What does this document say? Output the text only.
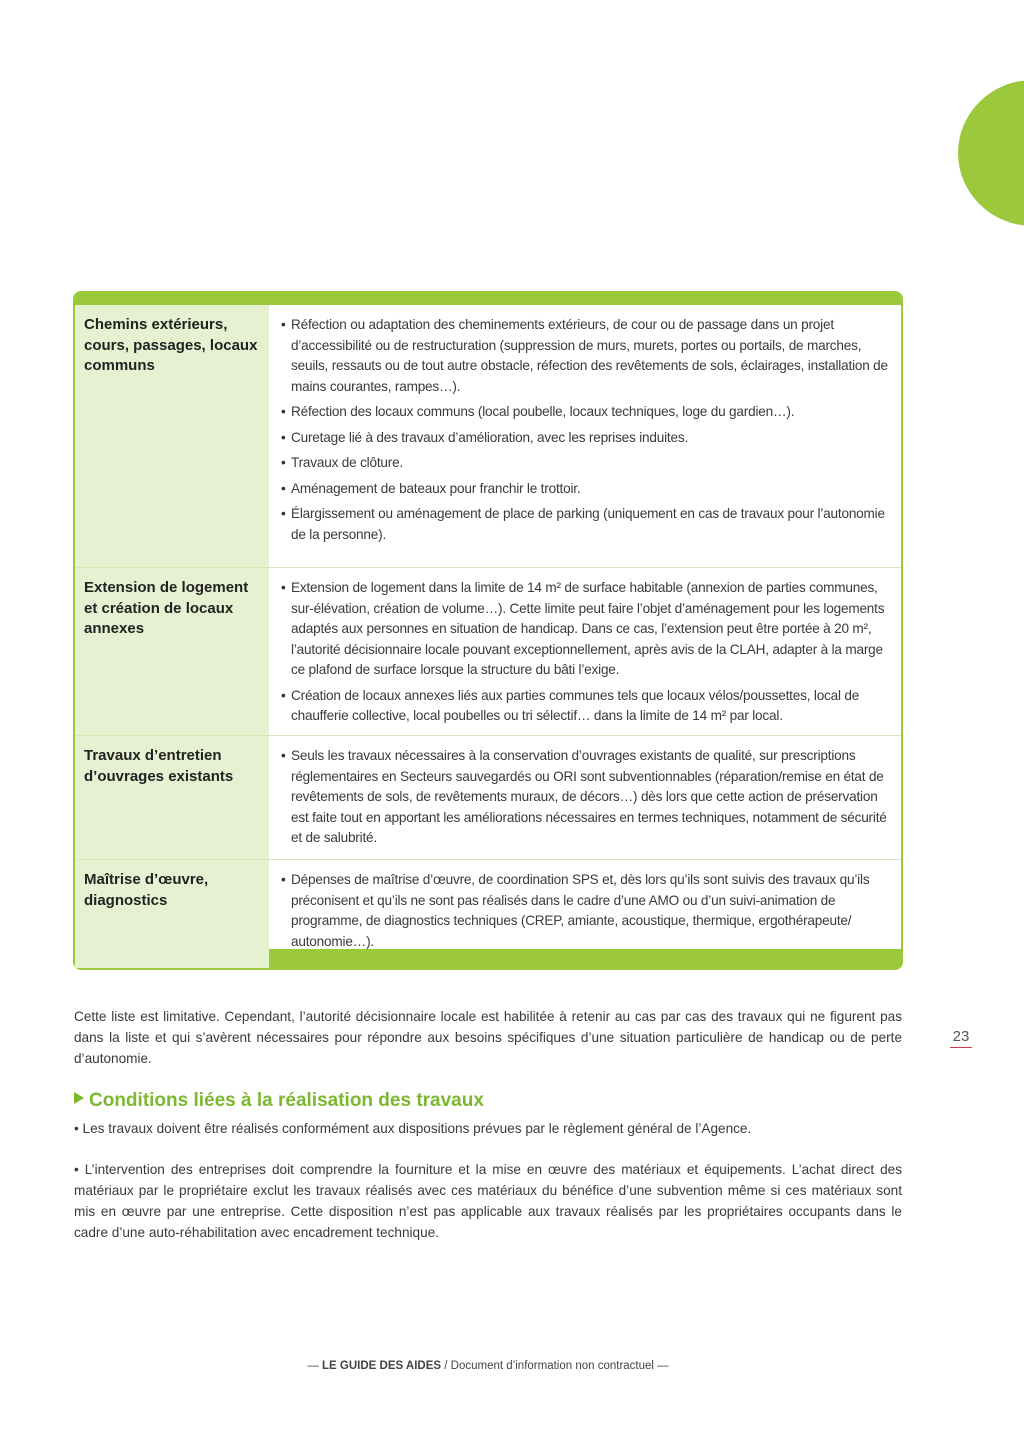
Chemins extérieurs, cours, passages, locaux communs
• Réfection ou adaptation des cheminements extérieurs, de cour ou de passage dans un projet d’accessibilité ou de restructuration (suppression de murs, murets, portes ou portails, de marches, seuils, ressauts ou de tout autre obstacle, réfection des revêtements de sols, éclairages, installation de mains courantes, rampes…).
• Réfection des locaux communs (local poubelle, locaux techniques, loge du gardien…).
• Curetage lié à des travaux d’amélioration, avec les reprises induites.
• Travaux de clôture.
• Aménagement de bateaux pour franchir le trottoir.
• Élargissement ou aménagement de place de parking (uniquement en cas de travaux pour l’autonomie de la personne).
Extension de logement et création de locaux annexes
• Extension de logement dans la limite de 14 m² de surface habitable (annexion de parties communes, sur-élévation, création de volume…). Cette limite peut faire l’objet d’aménagement pour les logements adaptés aux personnes en situation de handicap. Dans ce cas, l’extension peut être portée à 20 m², l’autorité décisionnaire locale pouvant exceptionnellement, après avis de la CLAH, adapter à la marge ce plafond de surface lorsque la structure du bâti l’exige.
• Création de locaux annexes liés aux parties communes tels que locaux vélos/poussettes, local de chaufferie collective, local poubelles ou tri sélectif… dans la limite de 14 m² par local.
Travaux d’entretien d’ouvrages existants
• Seuls les travaux nécessaires à la conservation d’ouvrages existants de qualité, sur prescriptions réglementaires en Secteurs sauvegardés ou ORI sont subventionnables (réparation/remise en état de revêtements de sols, de revêtements muraux, de décors…) dès lors que cette action de préservation est faite tout en apportant les améliorations nécessaires en termes techniques, notamment de sécurité et de salubrité.
Maîtrise d’œuvre, diagnostics
• Dépenses de maîtrise d’œuvre, de coordination SPS et, dès lors qu’ils sont suivis des travaux qu’ils préconisent et qu’ils ne sont pas réalisés dans le cadre d’une AMO ou d’un suivi-animation de programme, de diagnostics techniques (CREP, amiante, acoustique, thermique, ergothérapeute/ autonomie…).

Cette liste est limitative. Cependant, l’autorité décisionnaire locale est habilitée à retenir au cas par cas des travaux qui ne figurent pas dans la liste et qui s’avèrent nécessaires pour répondre aux besoins spécifiques d’une situation particulière de handicap ou de perte d’autonomie.

Conditions liées à la réalisation des travaux

• Les travaux doivent être réalisés conformément aux dispositions prévues par le règlement général de l’Agence.

• L’intervention des entreprises doit comprendre la fourniture et la mise en œuvre des matériaux et équipements. L’achat direct des matériaux par le propriétaire exclut les travaux réalisés avec ces matériaux du bénéfice d’une subvention même si ces matériaux sont mis en œuvre par une entreprise. Cette disposition n’est pas applicable aux travaux réalisés par les propriétaires occupants dans le cadre d’une auto-réhabilitation avec encadrement technique.

23
— LE GUIDE DES AIDES / Document d’information non contractuel —
